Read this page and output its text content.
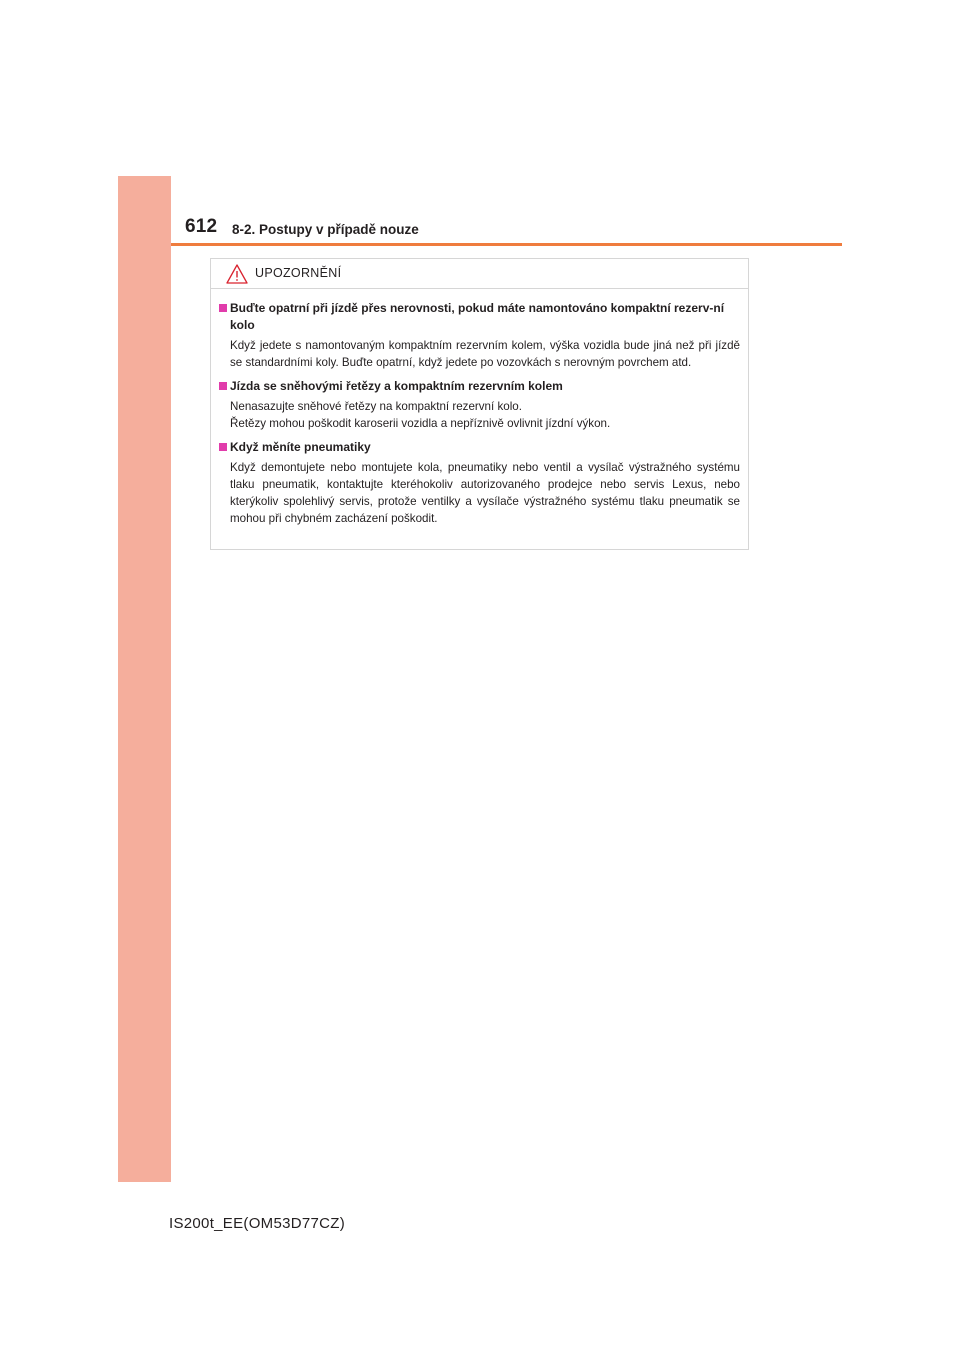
612 8-2. Postupy v případě nouze
UPOZORNĚNÍ
Buďte opatrní při jízdě přes nerovnosti, pokud máte namontováno kompaktní rezerv-ní kolo
Když jedete s namontovaným kompaktním rezervním kolem, výška vozidla bude jiná než při jízdě se standardními koly. Buďte opatrní, když jedete po vozovkách s nerovným povrchem atd.
Jízda se sněhovými řetězy a kompaktním rezervním kolem
Nenasazujte sněhové řetězy na kompaktní rezervní kolo.
Řetězy mohou poškodit karoserii vozidla a nepříznivě ovlivnit jízdní výkon.
Když měníte pneumatiky
Když demontujete nebo montujete kola, pneumatiky nebo ventil a vysílač výstražného systému tlaku pneumatik, kontaktujte kteréhokoliv autorizovaného prodejce nebo servis Lexus, nebo kterýkoliv spolehlivý servis, protože ventilky a vysílače výstražného systému tlaku pneumatik se mohou při chybném zacházení poškodit.
IS200t_EE(OM53D77CZ)
